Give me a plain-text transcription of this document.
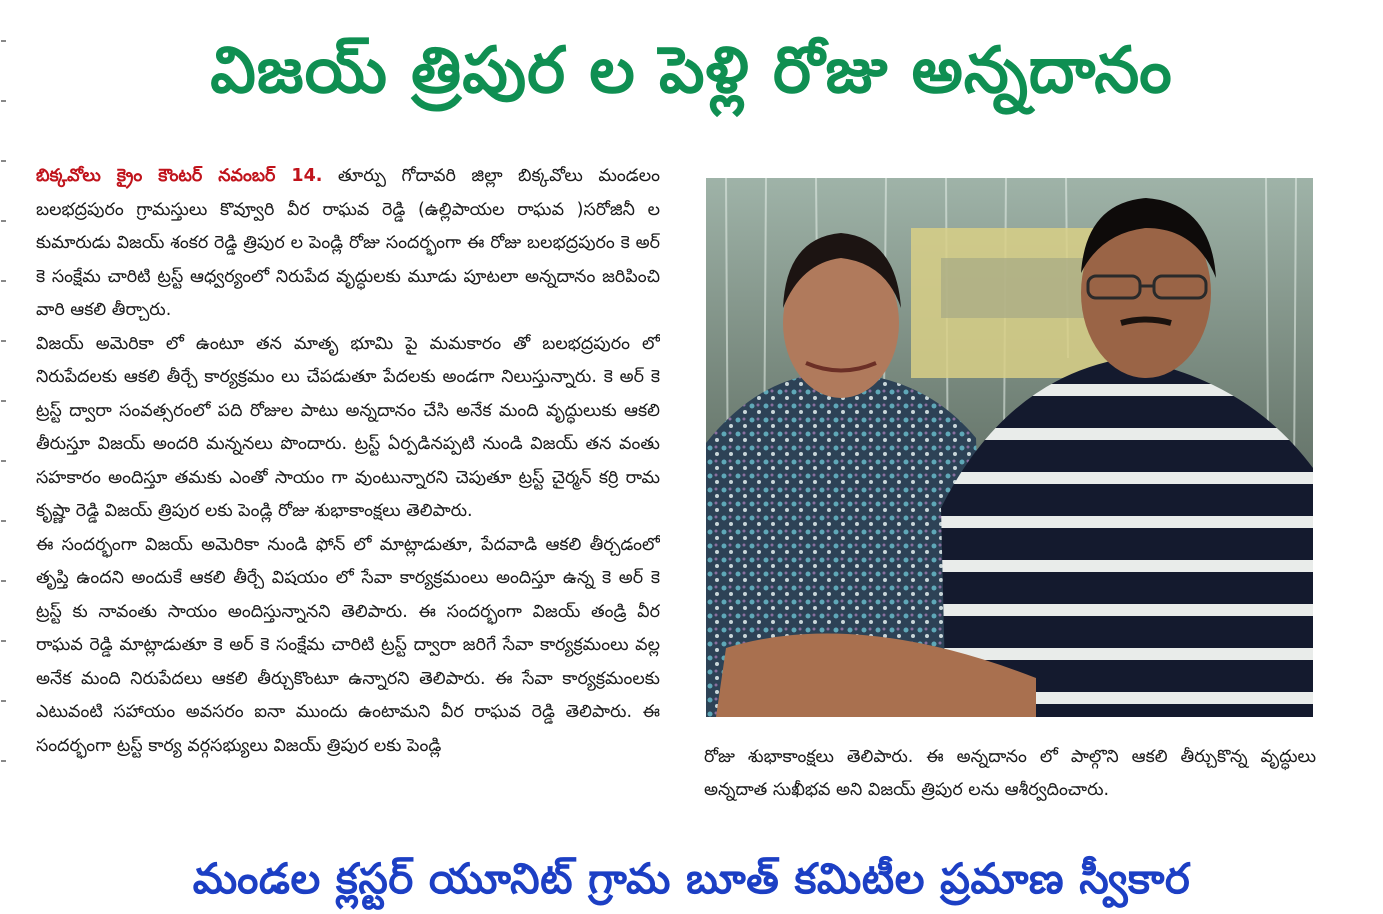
విజయ్ త్రిపుర ల పెళ్లి రోజు అన్నదానం

బిక్కవోలు క్రైం కౌంటర్ నవంబర్ 14. తూర్పు గోదావరి జిల్లా బిక్కవోలు మండలం బలభద్రపురం గ్రామస్తులు కొవ్వూరి వీర రాఘవ రెడ్డి (ఉల్లిపాయల రాఘవ )సరోజినీ ల కుమారుడు విజయ్ శంకర రెడ్డి త్రిపుర ల పెండ్లి రోజు సందర్భంగా ఈ రోజు బలభద్రపురం కె అర్ కె సంక్షేమ చారిటి ట్రస్ట్ ఆధ్వర్యంలో నిరుపేద వృద్ధులకు మూడు పూటలా అన్నదానం జరిపించి వారి ఆకలి తీర్చారు.

విజయ్ అమెరికా లో ఉంటూ తన మాతృ భూమి పై మమకారం తో బలభద్రపురం లో నిరుపేదలకు ఆకలి తీర్చే కార్యక్రమం లు చేపడుతూ పేదలకు అండగా నిలుస్తున్నారు. కె అర్ కె ట్రస్ట్ ద్వారా సంవత్సరంలో పది రోజుల పాటు అన్నదానం చేసి అనేక మంది వృద్ధులుకు ఆకలి తీరుస్తూ విజయ్ అందరి మన్ననలు పొందారు. ట్రస్ట్ ఏర్పడినప్పటి నుండి విజయ్ తన వంతు సహకారం అందిస్తూ తమకు ఎంతో సాయం గా వుంటున్నారని చెపుతూ ట్రస్ట్ చైర్మన్ కర్రి రామ కృష్ణా రెడ్డి విజయ్ త్రిపుర లకు పెండ్లి రోజు శుభాకాంక్షలు తెలిపారు.

ఈ సందర్భంగా విజయ్ అమెరికా నుండి ఫోన్ లో మాట్లాడుతూ, పేదవాడి ఆకలి తీర్చడంలో తృప్తి ఉందని అందుకే ఆకలి తీర్చే విషయం లో సేవా కార్యక్రమంలు అందిస్తూ ఉన్న కె అర్ కె ట్రస్ట్ కు నావంతు సాయం అందిస్తున్నానని తెలిపారు. ఈ సందర్భంగా విజయ్ తండ్రి వీర రాఘవ రెడ్డి మాట్లాడుతూ కె అర్ కె సంక్షేమ చారిటి ట్రస్ట్ ద్వారా జరిగే సేవా కార్యక్రమంలు వల్ల అనేక మంది నిరుపేదలు ఆకలి తీర్చుకొంటూ ఉన్నారని తెలిపారు. ఈ సేవా కార్యక్రమంలకు ఎటువంటి సహాయం అవసరం ఐనా ముందు ఉంటామని వీర రాఘవ రెడ్డి తెలిపారు. ఈ సందర్భంగా ట్రస్ట్ కార్య వర్గసభ్యులు విజయ్ త్రిపుర లకు పెండ్లి

రోజు శుభాకాంక్షలు తెలిపారు. ఈ అన్నదానం లో పాల్గొని ఆకలి తీర్చుకొన్న వృద్ధులు అన్నదాత సుఖీభవ అని విజయ్ త్రిపుర లను ఆశీర్వదించారు.
మండల క్లస్టర్ యూనిట్ గ్రామ బూత్ కమిటీల ప్రమాణ స్వీకార
